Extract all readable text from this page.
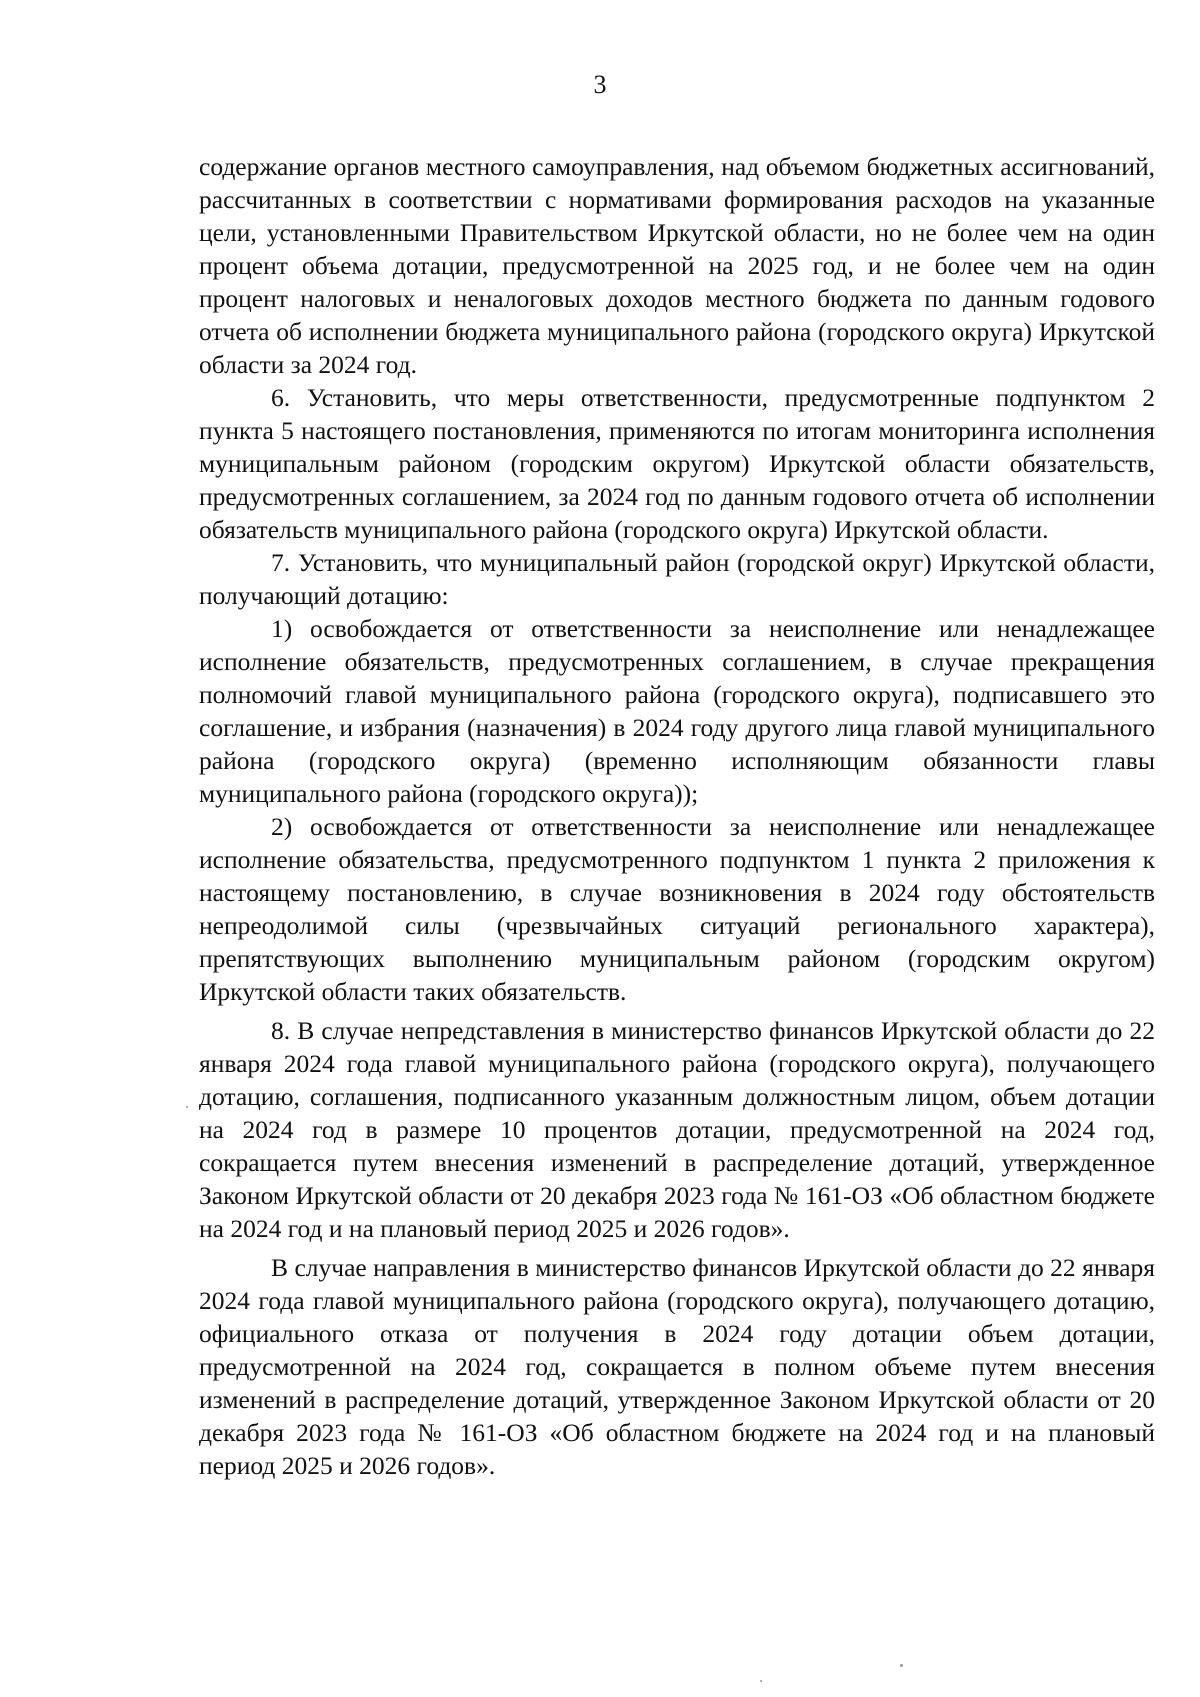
3

содержание органов местного самоуправления, над объемом бюджетных ассигнований, рассчитанных в соответствии с нормативами формирования расходов на указанные цели, установленными Правительством Иркутской области, но не более чем на один процент объема дотации, предусмотренной на 2025 год, и не более чем на один процент налоговых и неналоговых доходов местного бюджета по данным годового отчета об исполнении бюджета муниципального района (городского округа) Иркутской области за 2024 год.

6. Установить, что меры ответственности, предусмотренные подпунктом 2 пункта 5 настоящего постановления, применяются по итогам мониторинга исполнения муниципальным районом (городским округом) Иркутской области обязательств, предусмотренных соглашением, за 2024 год по данным годового отчета об исполнении обязательств муниципального района (городского округа) Иркутской области.

7. Установить, что муниципальный район (городской округ) Иркутской области, получающий дотацию:

1) освобождается от ответственности за неисполнение или ненадлежащее исполнение обязательств, предусмотренных соглашением, в случае прекращения полномочий главой муниципального района (городского округа), подписавшего это соглашение, и избрания (назначения) в 2024 году другого лица главой муниципального района (городского округа) (временно исполняющим обязанности главы муниципального района (городского округа));

2) освобождается от ответственности за неисполнение или ненадлежащее исполнение обязательства, предусмотренного подпунктом 1 пункта 2 приложения к настоящему постановлению, в случае возникновения в 2024 году обстоятельств непреодолимой силы (чрезвычайных ситуаций регионального характера), препятствующих выполнению муниципальным районом (городским округом) Иркутской области таких обязательств.

8. В случае непредставления в министерство финансов Иркутской области до 22 января 2024 года главой муниципального района (городского округа), получающего дотацию, соглашения, подписанного указанным должностным лицом, объем дотации на 2024 год в размере 10 процентов дотации, предусмотренной на 2024 год, сокращается путем внесения изменений в распределение дотаций, утвержденное Законом Иркутской области от 20 декабря 2023 года № 161-ОЗ «Об областном бюджете на 2024 год и на плановый период 2025 и 2026 годов».

В случае направления в министерство финансов Иркутской области до 22 января 2024 года главой муниципального района (городского округа), получающего дотацию, официального отказа от получения в 2024 году дотации объем дотации, предусмотренной на 2024 год, сокращается в полном объеме путем внесения изменений в распределение дотаций, утвержденное Законом Иркутской области от 20 декабря 2023 года № 161-ОЗ «Об областном бюджете на 2024 год и на плановый период 2025 и 2026 годов».
